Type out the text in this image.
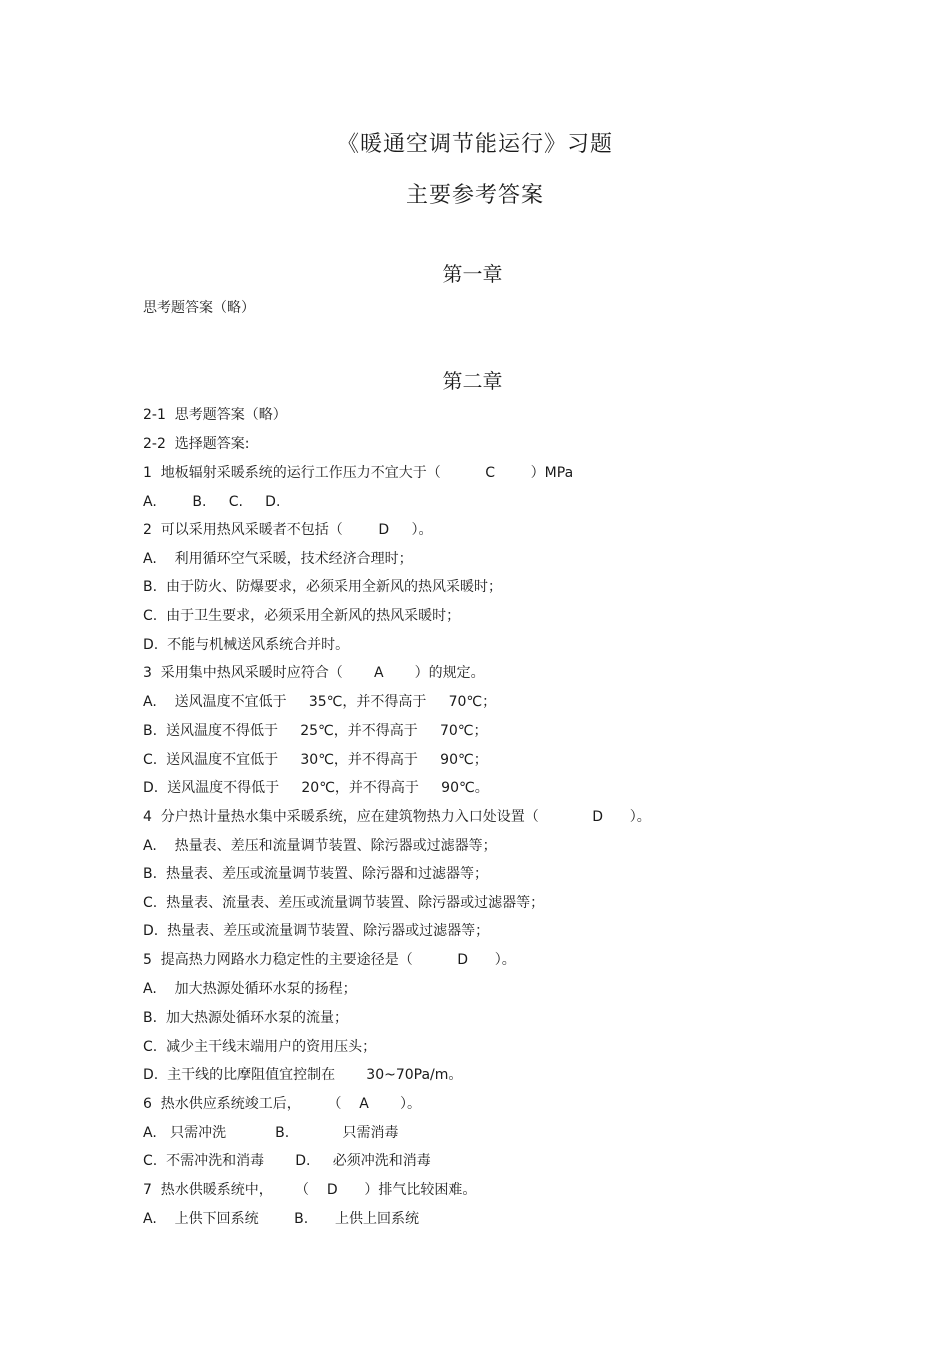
《暖通空调节能运行》习题
主要参考答案
第一章
思考题答案（略）
第二章
2-1  思考题答案（略）
2-2  选择题答案:
1  地板辐射采暖系统的运行工作压力不宜大于（          C        ）MPa
A.        B.     C.     D.
2  可以采用热风采暖者不包括（        D     ）。
A.    利用循环空气采暖，技术经济合理时；
B.  由于防火、防爆要求，必须采用全新风的热风采暖时；
C.  由于卫生要求，必须采用全新风的热风采暖时；
D.  不能与机械送风系统合并时。
3  采用集中热风采暖时应符合（       A       ）的规定。
A.    送风温度不宜低于     35℃，并不得高于     70℃；
B.  送风温度不得低于     25℃，并不得高于     70℃；
C.  送风温度不宜低于     30℃，并不得高于     90℃；
D.  送风温度不得低于     20℃，并不得高于     90℃。
4  分户热计量热水集中采暖系统，应在建筑物热力入口处设置（            D      ）。
A.    热量表、差压和流量调节装置、除污器或过滤器等；
B.  热量表、差压或流量调节装置、除污器和过滤器等；
C.  热量表、流量表、差压或流量调节装置、除污器或过滤器等；
D.  热量表、差压或流量调节装置、除污器或过滤器等；
5  提高热力网路水力稳定性的主要途径是（          D      ）。
A.    加大热源处循环水泵的扬程；
B.  加大热源处循环水泵的流量；
C.  减少主干线末端用户的资用压头；
D.  主干线的比摩阻值宜控制在       30~70Pa/m。
6  热水供应系统竣工后，      （    A       ）。
A.   只需冲洗           B.            只需消毒
C.  不需冲洗和消毒       D.     必须冲洗和消毒
7  热水供暖系统中，     （    D      ）排气比较困难。
A.    上供下回系统        B.      上供上回系统
